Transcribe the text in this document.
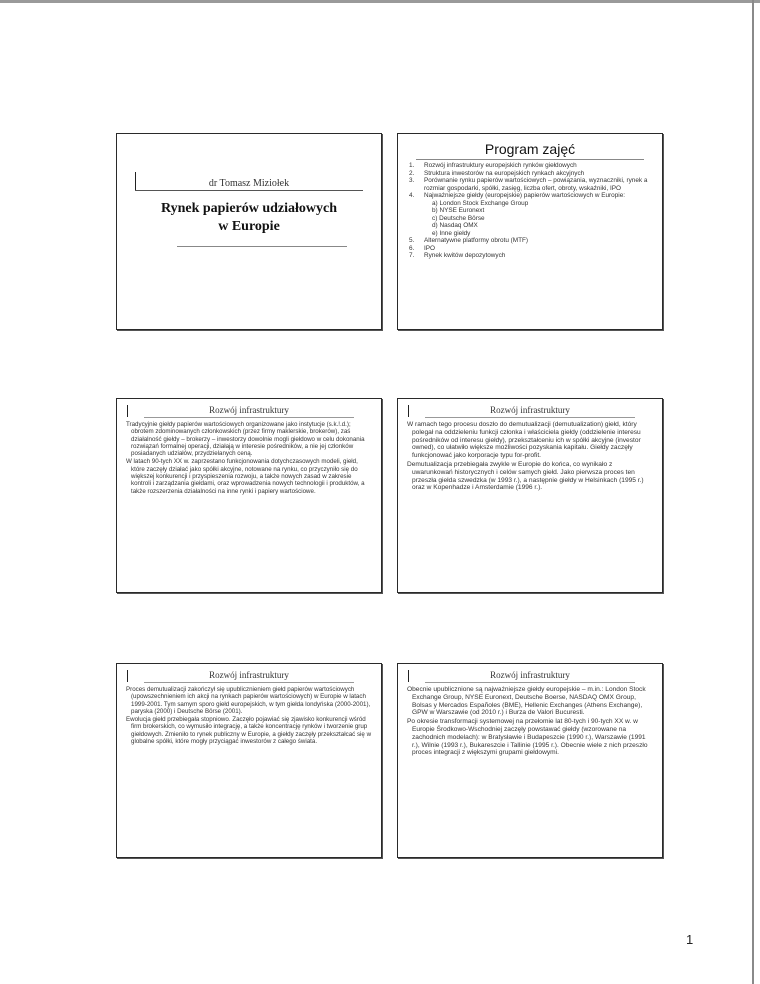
dr Tomasz Miziołek
Rynek papierów udziałowych
w Europie
Program zajęć
1. Rozwój infrastruktury europejskich rynków giełdowych
2. Struktura inwestorów na europejskich rynkach akcyjnych
3. Porównanie rynku papierów wartościowych – powiązania, wyznaczniki, rynek a rozmiar gospodarki, spółki, zasięg, liczba ofert, obroty, wskaźniki, IPO
4. Najważniejsze giełdy (europejskie) papierów wartościowych w Europie:
a) London Stock Exchange Group
b) NYSE Euronext
c) Deutsche Börse
d) Nasdaq OMX
e) Inne giełdy
5. Alternatywne platformy obrotu (MTF)
6. IPO
7. Rynek kwitów depozytowych
Rozwój infrastruktury

Tradycyjnie giełdy papierów wartościowych organizowane jako instytucje (s.k.!.d.); obrotem zdominowanych członkowskich (przez firmy maklerskie, brokerów), zaś działalność giełdy – brokerzy – inwestorzy dowolnie mogli giełdowo w celu dokonania rozwiązań formalnej operacji, działają w interesie pośredników, a nie jej członków posiadanych udziałów, przydzielanych ceną.

W latach 90-tych XX w. zaprzestano funkcjonowania dotychczasowych modeli, giełd, które zaczęły działać jako spółki akcyjne, notowane na rynku, co przyczyniło się do większej konkurencji i przyspieszenia rozwoju, a także nowych zasad w zakresie kontroli i zarządzania giełdami, oraz wprowadzenia nowych technologii i produktów, a także rozszerzenia działalności na inne rynki i papiery wartościowe.

Rozwój infrastruktury

W ramach tego procesu doszło do demutualizacji (demutualization) giełd, który polegał na oddzieleniu funkcji członka i właściciela giełdy (oddzielenie interesu pośredników od interesu giełdy), przekształceniu ich w spółki akcyjne (investor owned), co ułatwiło większe możliwości pozyskania kapitału. Giełdy zaczęły funkcjonować jako korporacje typu for-profit.

Demutualizacja przebiegała zwykle w Europie do końca, co wynikało z uwarunkowań historycznych i celów samych giełd. Jako pierwsza proces ten przeszła giełda szwedzka (w 1993 r.), a następnie giełdy w Helsinkach (1995 r.) oraz w Kopenhadze i Amsterdamie (1996 r.).

Rozwój infrastruktury

Proces demutualizacji zakończył się upublicznieniem giełd papierów wartościowych (upowszechnieniem ich akcji na rynkach papierów wartościowych) w Europie w latach 1999-2001. Tym samym sporo giełd europejskich, w tym giełda londyńska (2000-2001), paryska (2000) i Deutsche Börse (2001).

Ewolucja giełd przebiegała stopniowo. Zaczęło pojawiać się zjawisko konkurencji wśród firm brokerskich, co wymusiło integrację, a także koncentrację rynków i tworzenie grup giełdowych. Zmieniło to rynek publiczny w Europie, a giełdy zaczęły przekształcać się w globalne spółki, które mogły przyciągać inwestorów z całego świata.

Rozwój infrastruktury

Obecnie upublicznione są najważniejsze giełdy europejskie – m.in.: London Stock Exchange Group, NYSE Euronext, Deutsche Boerse, NASDAQ OMX Group, Bolsas y Mercados Españoles (BME), Hellenic Exchanges (Athens Exchange), GPW w Warszawie (od 2010 r.) i Burza de Valori Bucuresti.

Po okresie transformacji systemowej na przełomie lat 80-tych i 90-tych XX w. w Europie Środkowo-Wschodniej zaczęły powstawać giełdy (wzorowane na zachodnich modelach): w Bratysławie i Budapeszcie (1990 r.), Warszawie (1991 r.), Wilnie (1993 r.), Bukareszcie i Tallinie (1995 r.). Obecnie wiele z nich przeszło proces integracji z większymi grupami giełdowymi.

1
